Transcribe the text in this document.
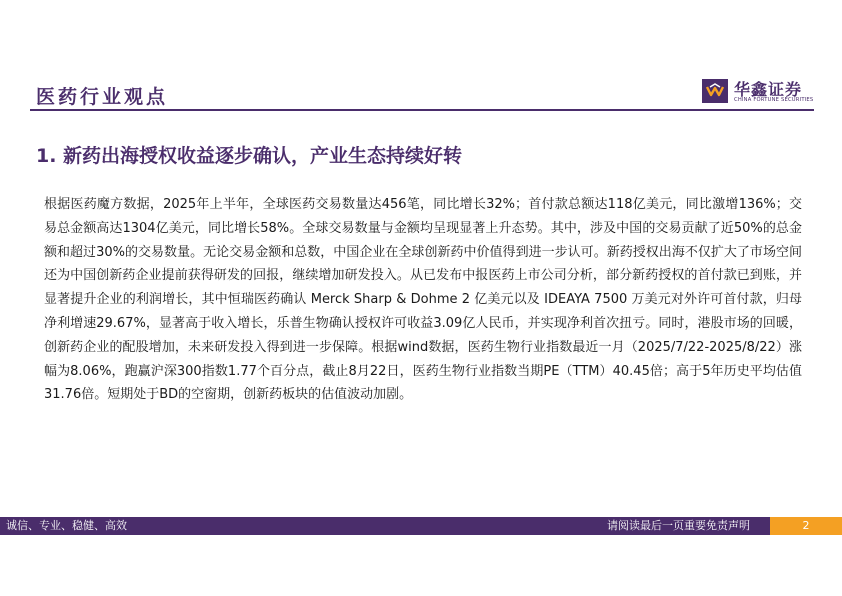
医药行业观点	华鑫证券
CHINA FORTUNE SECURITIES
1. 新药出海授权收益逐步确认，产业生态持续好转
根据医药魔方数据，2025年上半年，全球医药交易数量达456笔，同比增长32%；首付款总额达118亿美元，同比激增136%；交易总金额高达1304亿美元，同比增长58%。全球交易数量与金额均呈现显著上升态势。其中，涉及中国的交易贡献了近50%的总金额和超过30%的交易数量。无论交易金额和总数，中国企业在全球创新药中价值得到进一步认可。新药授权出海不仅扩大了市场空间还为中国创新药企业提前获得研发的回报，继续增加研发投入。从已发布中报医药上市公司分析，部分新药授权的首付款已到账，并显著提升企业的利润增长，其中恒瑞医药确认 Merck Sharp & Dohme 2 亿美元以及 IDEAYA 7500 万美元对外许可首付款，归母净利增速29.67%，显著高于收入增长，乐普生物确认授权许可收益3.09亿人民币，并实现净利首次扭亏。同时，港股市场的回暖，创新药企业的配股增加，未来研发投入得到进一步保障。根据wind数据，医药生物行业指数最近一月（2025/7/22-2025/8/22）涨幅为8.06%，跑赢沪深300指数1.77个百分点，截止8月22日，医药生物行业指数当期PE（TTM）40.45倍；高于5年历史平均估值31.76倍。短期处于BD的空窗期，创新药板块的估值波动加剧。
诚信、专业、稳健、高效	请阅读最后一页重要免责声明	2
